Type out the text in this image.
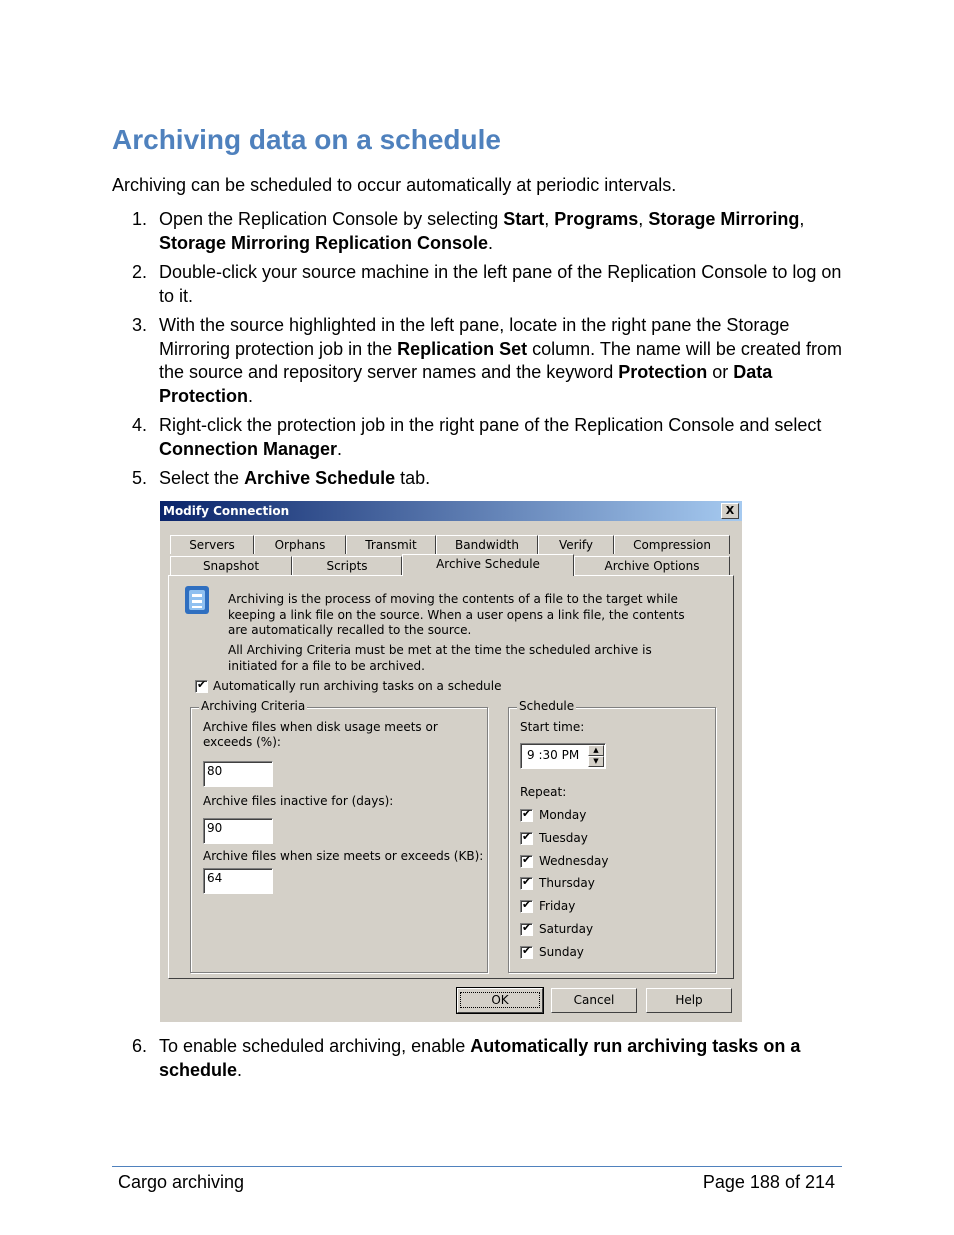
Archiving data on a schedule
Archiving can be scheduled to occur automatically at periodic intervals.
1. Open the Replication Console by selecting Start, Programs, Storage Mirroring, Storage Mirroring Replication Console.
2. Double-click your source machine in the left pane of the Replication Console to log on to it.
3. With the source highlighted in the left pane, locate in the right pane the Storage Mirroring protection job in the Replication Set column. The name will be created from the source and repository server names and the keyword Protection or Data Protection.
4. Right-click the protection job in the right pane of the Replication Console and select Connection Manager.
5. Select the Archive Schedule tab.
Modify Connection	X
Servers	Orphans	Transmit	Bandwidth	Verify	Compression
Snapshot	Scripts	Archive Schedule	Archive Options
Archiving is the process of moving the contents of a file to the target while keeping a link file on the source. When a user opens a link file, the contents are automatically recalled to the source.
All Archiving Criteria must be met at the time the scheduled archive is initiated for a file to be archived.
✔Automatically run archiving tasks on a schedule
Archiving Criteria
Archive files when disk usage meets or exceeds (%):
80
Archive files inactive for (days):
90
Archive files when size meets or exceeds (KB):
64
Schedule
Start time:
9 :30 PM	▲
▼
Repeat:
✔Monday
✔Tuesday
✔Wednesday
✔Thursday
✔Friday
✔Saturday
✔Sunday
OK	Cancel	Help
6. To enable scheduled archiving, enable Automatically run archiving tasks on a schedule.
Cargo archiving	Page 188 of 214
